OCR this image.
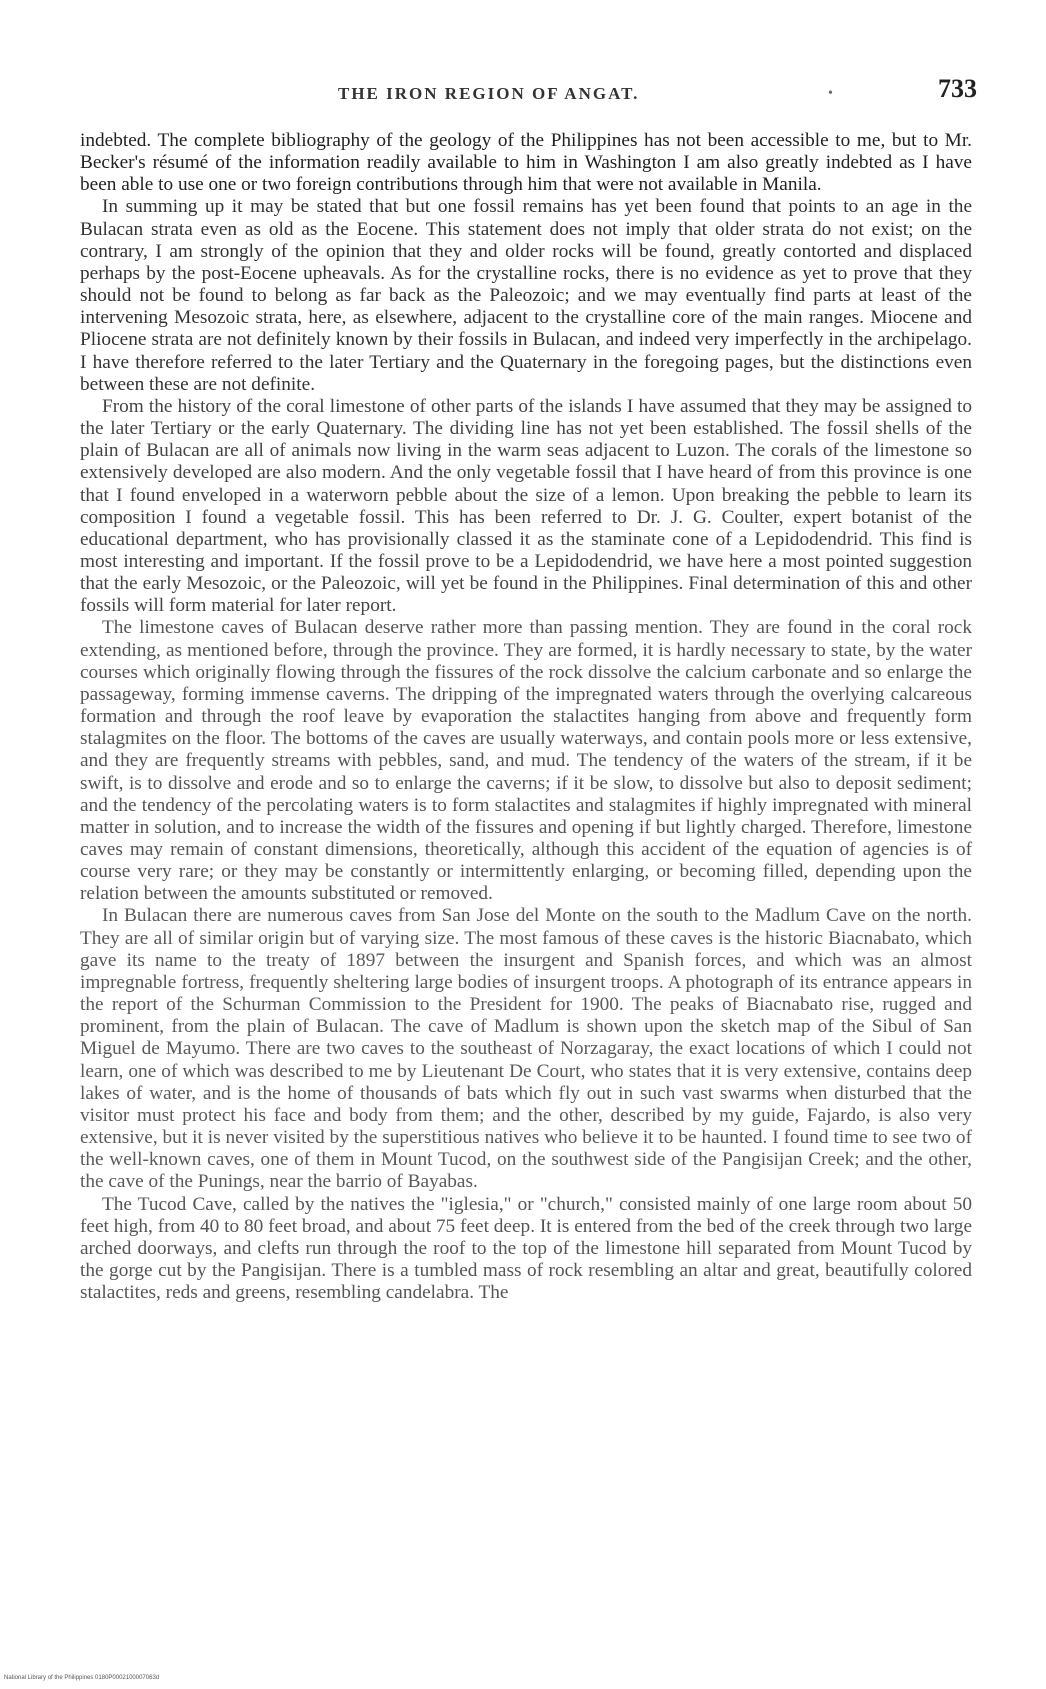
THE IRON REGION OF ANGAT.	•	733

indebted. The complete bibliography of the geology of the Philippines has not been accessible to me, but to Mr. Becker's résumé of the information readily available to him in Washington I am also greatly indebted as I have been able to use one or two foreign contributions through him that were not available in Manila.

In summing up it may be stated that but one fossil remains has yet been found that points to an age in the Bulacan strata even as old as the Eocene. This statement does not imply that older strata do not exist; on the contrary, I am strongly of the opinion that they and older rocks will be found, greatly contorted and displaced perhaps by the post-Eocene upheavals. As for the crystalline rocks, there is no evidence as yet to prove that they should not be found to belong as far back as the Paleozoic; and we may eventually find parts at least of the intervening Mesozoic strata, here, as elsewhere, adjacent to the crystalline core of the main ranges. Miocene and Pliocene strata are not definitely known by their fossils in Bulacan, and indeed very imperfectly in the archipelago. I have therefore referred to the later Tertiary and the Quaternary in the foregoing pages, but the distinctions even between these are not definite.

From the history of the coral limestone of other parts of the islands I have assumed that they may be assigned to the later Tertiary or the early Quaternary. The dividing line has not yet been established. The fossil shells of the plain of Bulacan are all of animals now living in the warm seas adjacent to Luzon. The corals of the limestone so extensively developed are also modern. And the only vegetable fossil that I have heard of from this province is one that I found enveloped in a waterworn pebble about the size of a lemon. Upon breaking the pebble to learn its composition I found a vegetable fossil. This has been referred to Dr. J. G. Coulter, expert botanist of the educational department, who has provisionally classed it as the staminate cone of a Lepidodendrid. This find is most interesting and important. If the fossil prove to be a Lepidodendrid, we have here a most pointed suggestion that the early Mesozoic, or the Paleozoic, will yet be found in the Philippines. Final determination of this and other fossils will form material for later report.

The limestone caves of Bulacan deserve rather more than passing mention. They are found in the coral rock extending, as mentioned before, through the province. They are formed, it is hardly necessary to state, by the water courses which originally flowing through the fissures of the rock dissolve the calcium carbonate and so enlarge the passageway, forming immense caverns. The dripping of the impregnated waters through the overlying calcareous formation and through the roof leave by evaporation the stalactites hanging from above and frequently form stalagmites on the floor. The bottoms of the caves are usually waterways, and contain pools more or less extensive, and they are frequently streams with pebbles, sand, and mud. The tendency of the waters of the stream, if it be swift, is to dissolve and erode and so to enlarge the caverns; if it be slow, to dissolve but also to deposit sediment; and the tendency of the percolating waters is to form stalactites and stalagmites if highly impregnated with mineral matter in solution, and to increase the width of the fissures and opening if but lightly charged. Therefore, limestone caves may remain of constant dimensions, theoretically, although this accident of the equation of agencies is of course very rare; or they may be constantly or intermittently enlarging, or becoming filled, depending upon the relation between the amounts substituted or removed.

In Bulacan there are numerous caves from San Jose del Monte on the south to the Madlum Cave on the north. They are all of similar origin but of varying size. The most famous of these caves is the historic Biacnabato, which gave its name to the treaty of 1897 between the insurgent and Spanish forces, and which was an almost impregnable fortress, frequently sheltering large bodies of insurgent troops. A photograph of its entrance appears in the report of the Schurman Commission to the President for 1900. The peaks of Biacnabato rise, rugged and prominent, from the plain of Bulacan. The cave of Madlum is shown upon the sketch map of the Sibul of San Miguel de Mayumo. There are two caves to the southeast of Norzagaray, the exact locations of which I could not learn, one of which was described to me by Lieutenant De Court, who states that it is very extensive, contains deep lakes of water, and is the home of thousands of bats which fly out in such vast swarms when disturbed that the visitor must protect his face and body from them; and the other, described by my guide, Fajardo, is also very extensive, but it is never visited by the superstitious natives who believe it to be haunted. I found time to see two of the well-known caves, one of them in Mount Tucod, on the southwest side of the Pangisijan Creek; and the other, the cave of the Punings, near the barrio of Bayabas.

The Tucod Cave, called by the natives the "iglesia," or "church," consisted mainly of one large room about 50 feet high, from 40 to 80 feet broad, and about 75 feet deep. It is entered from the bed of the creek through two large arched doorways, and clefts run through the roof to the top of the limestone hill separated from Mount Tucod by the gorge cut by the Pangisijan. There is a tumbled mass of rock resembling an altar and great, beautifully colored stalactites, reds and greens, resembling candelabra. The

National Library of the Philippines 0180P0002100007063d
